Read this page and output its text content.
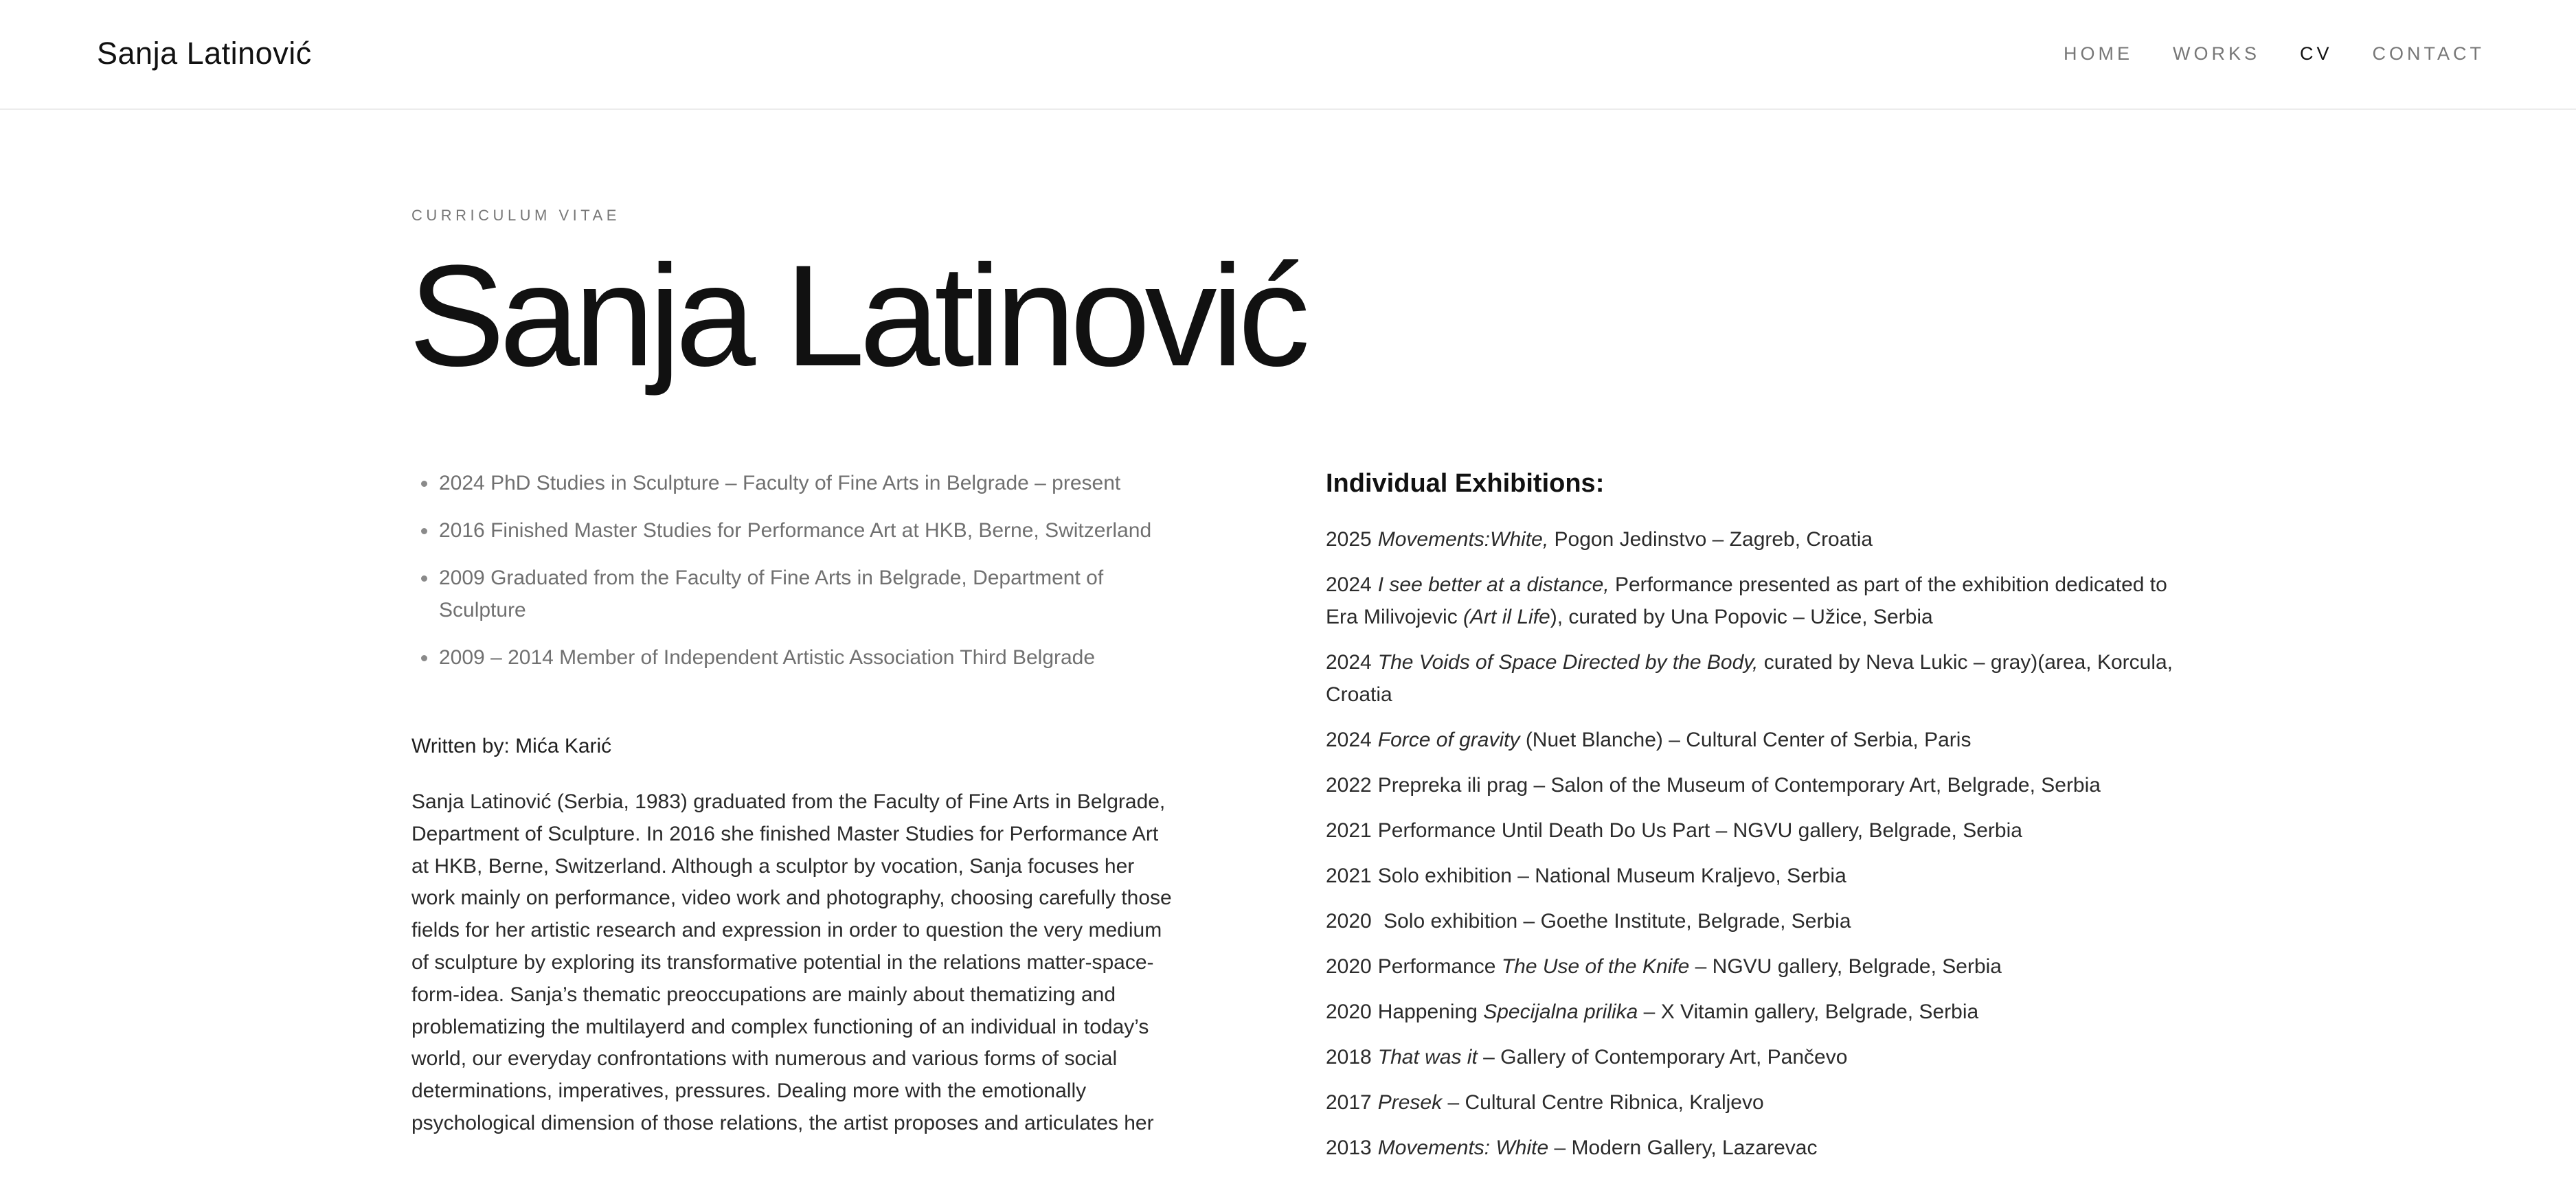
Sanja Latinović	HOME WORKS CV CONTACT
CURRICULUM VITAE
Sanja Latinović
2024 PhD Studies in Sculpture – Faculty of Fine Arts in Belgrade – present
2016 Finished Master Studies for Performance Art at HKB, Berne, Switzerland
2009 Graduated from the Faculty of Fine Arts in Belgrade, Department of Sculpture
2009 – 2014 Member of Independent Artistic Association Third Belgrade
Written by: Mića Karić

Sanja Latinović (Serbia, 1983) graduated from the Faculty of Fine Arts in Belgrade, Department of Sculpture. In 2016 she finished Master Studies for Performance Art at HKB, Berne, Switzerland. Although a sculptor by vocation, Sanja focuses her work mainly on performance, video work and photography, choosing carefully those fields for her artistic research and expression in order to question the very medium of sculpture by exploring its transformative potential in the relations matter-space-form-idea. Sanja’s thematic preoccupations are mainly about thematizing and problematizing the multilayerd and complex functioning of an individual in today’s world, our everyday confrontations with numerous and various forms of social determinations, imperatives, pressures. Dealing more with the emotionally psychological dimension of those relations, the artist proposes and articulates her

Individual Exhibitions:
2025 Movements:White, Pogon Jedinstvo – Zagreb, Croatia
2024 I see better at a distance, Performance presented as part of the exhibition dedicated to Era Milivojevic (Art il Life), curated by Una Popovic – Užice, Serbia
2024 The Voids of Space Directed by the Body, curated by Neva Lukic – gray)(area, Korcula, Croatia
2024 Force of gravity (Nuet Blanche) – Cultural Center of Serbia, Paris
2022 Prepreka ili prag – Salon of the Museum of Contemporary Art, Belgrade, Serbia
2021 Performance Until Death Do Us Part – NGVU gallery, Belgrade, Serbia
2021 Solo exhibition – National Museum Kraljevo, Serbia
2020 Solo exhibition – Goethe Institute, Belgrade, Serbia
2020 Performance The Use of the Knife – NGVU gallery, Belgrade, Serbia
2020 Happening Specijalna prilika – X Vitamin gallery, Belgrade, Serbia
2018 That was it – Gallery of Contemporary Art, Pančevo
2017 Presek – Cultural Centre Ribnica, Kraljevo
2013 Movements: White – Modern Gallery, Lazarevac
